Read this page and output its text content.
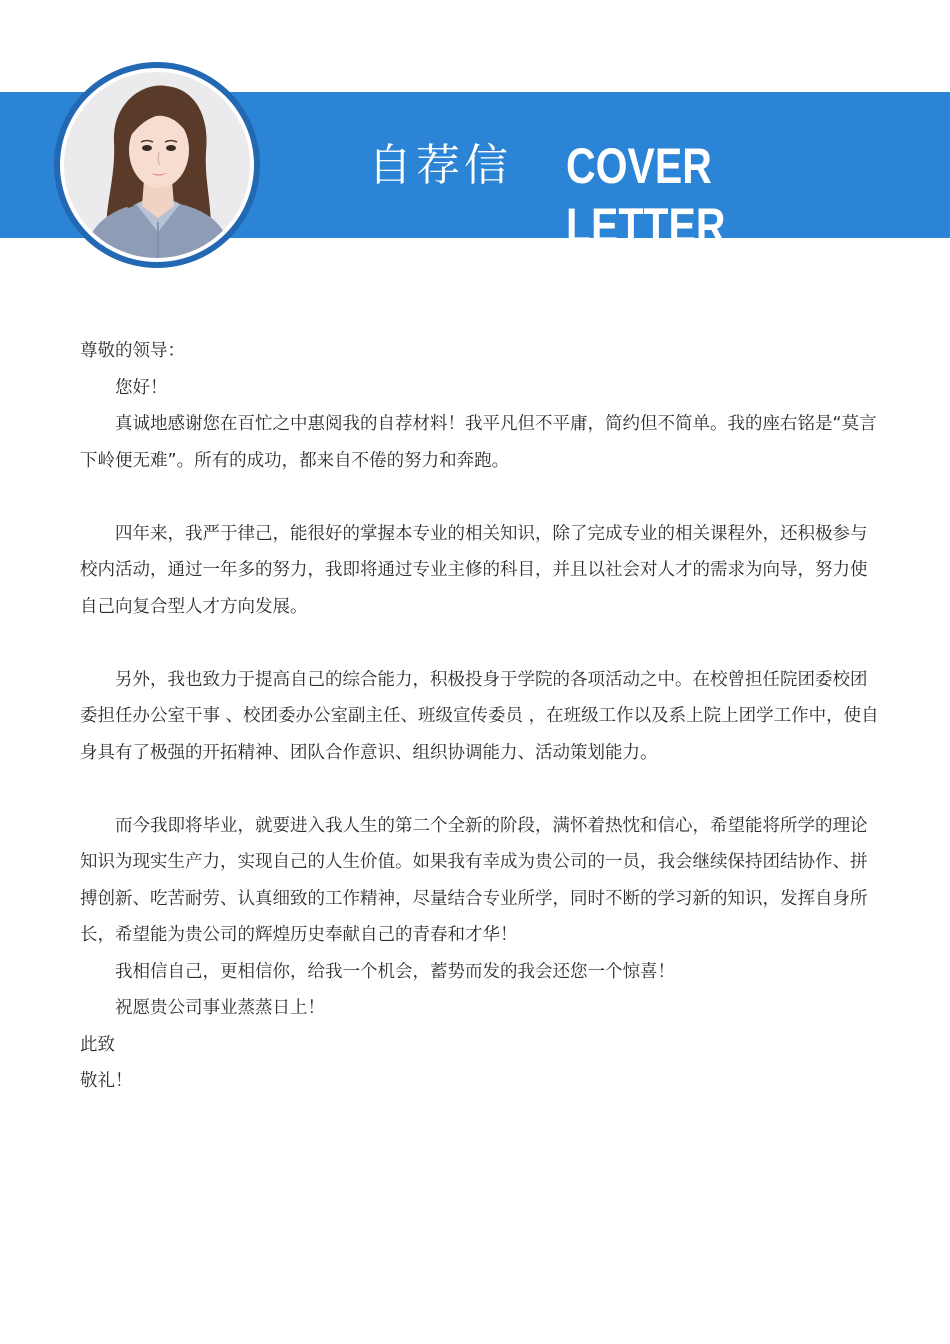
自荐信 COVER LETTER

尊敬的领导：

您好！

真诚地感谢您在百忙之中惠阅我的自荐材料！我平凡但不平庸，简约但不简单。我的座右铭是“莫言下岭便无难”。所有的成功，都来自不倦的努力和奔跑。

四年来，我严于律己，能很好的掌握本专业的相关知识，除了完成专业的相关课程外，还积极参与校内活动，通过一年多的努力，我即将通过专业主修的科目，并且以社会对人才的需求为向导，努力使自己向复合型人才方向发展。

另外，我也致力于提高自己的综合能力，积极投身于学院的各项活动之中。在校曾担任院团委校团委担任办公室干事 、校团委办公室副主任、班级宣传委员 ，在班级工作以及系上院上团学工作中，使自身具有了极强的开拓精神、团队合作意识、组织协调能力、活动策划能力。

而今我即将毕业，就要进入我人生的第二个全新的阶段，满怀着热忱和信心，希望能将所学的理论知识为现实生产力，实现自己的人生价值。如果我有幸成为贵公司的一员，我会继续保持团结协作、拼搏创新、吃苦耐劳、认真细致的工作精神，尽量结合专业所学，同时不断的学习新的知识，发挥自身所长，希望能为贵公司的辉煌历史奉献自己的青春和才华！

我相信自己，更相信你，给我一个机会，蓄势而发的我会还您一个惊喜！

祝愿贵公司事业蒸蒸日上！

此致

敬礼！
